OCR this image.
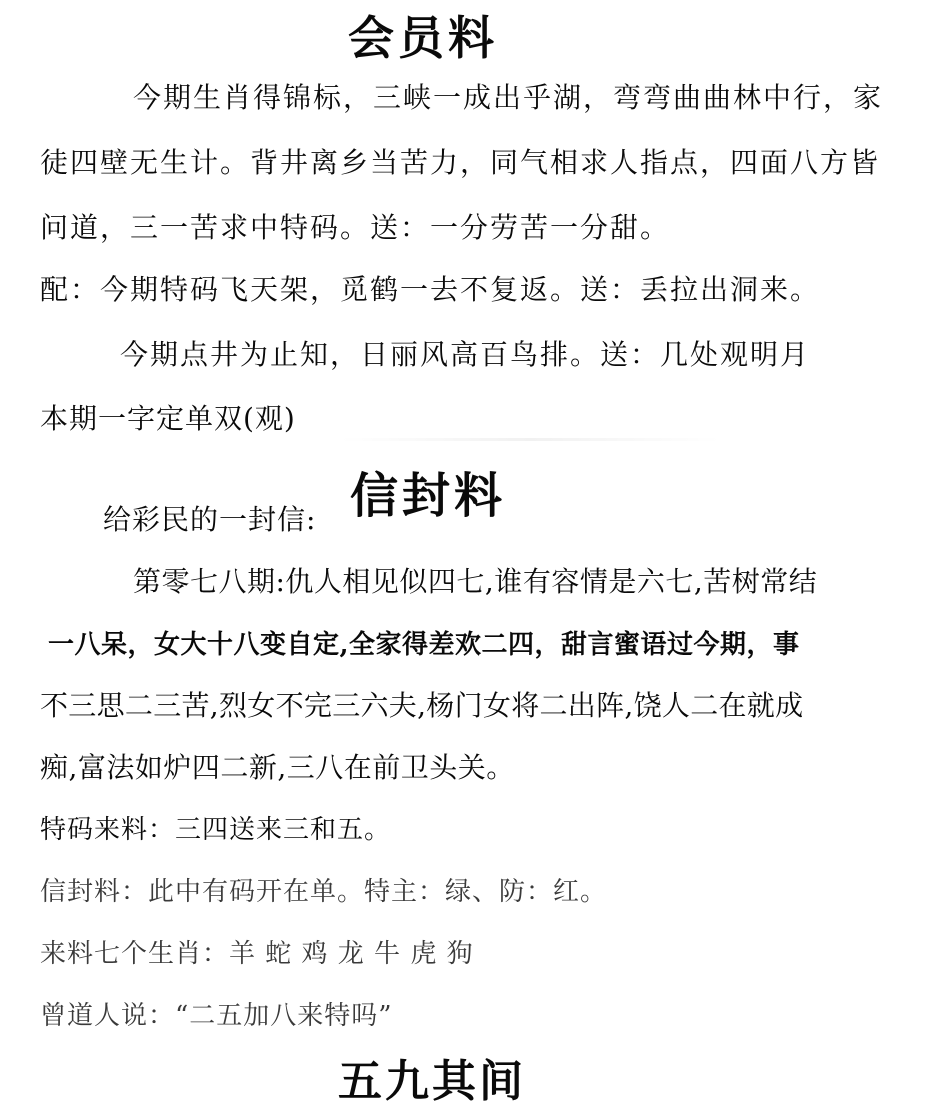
会员料

今期生肖得锦标，三峡一成出乎湖，弯弯曲曲林中行，家

徒四壁无生计。背井离乡当苦力，同气相求人指点，四面八方皆

问道，三一苦求中特码。送：一分劳苦一分甜。

配：今期特码飞天架，觅鹤一去不复返。送：丢拉出洞来。

今期点井为止知，日丽风高百鸟排。送：几处观明月

本期一字定单双(观)

给彩民的一封信: 信封料

第零七八期:仇人相见似四七,谁有容情是六七,苦树常结

一八呆，女大十八变自定,全家得差欢二四，甜言蜜语过今期，事

不三思二三苦,烈女不完三六夫,杨门女将二出阵,饶人二在就成

痴,富法如炉四二新,三八在前卫头关。

特码来料：三四送来三和五。

信封料：此中有码开在单。特主：绿、防：红。

来料七个生肖：羊 蛇 鸡 龙 牛 虎 狗

曾道人说：“二五加八来特吗”

五九其间
